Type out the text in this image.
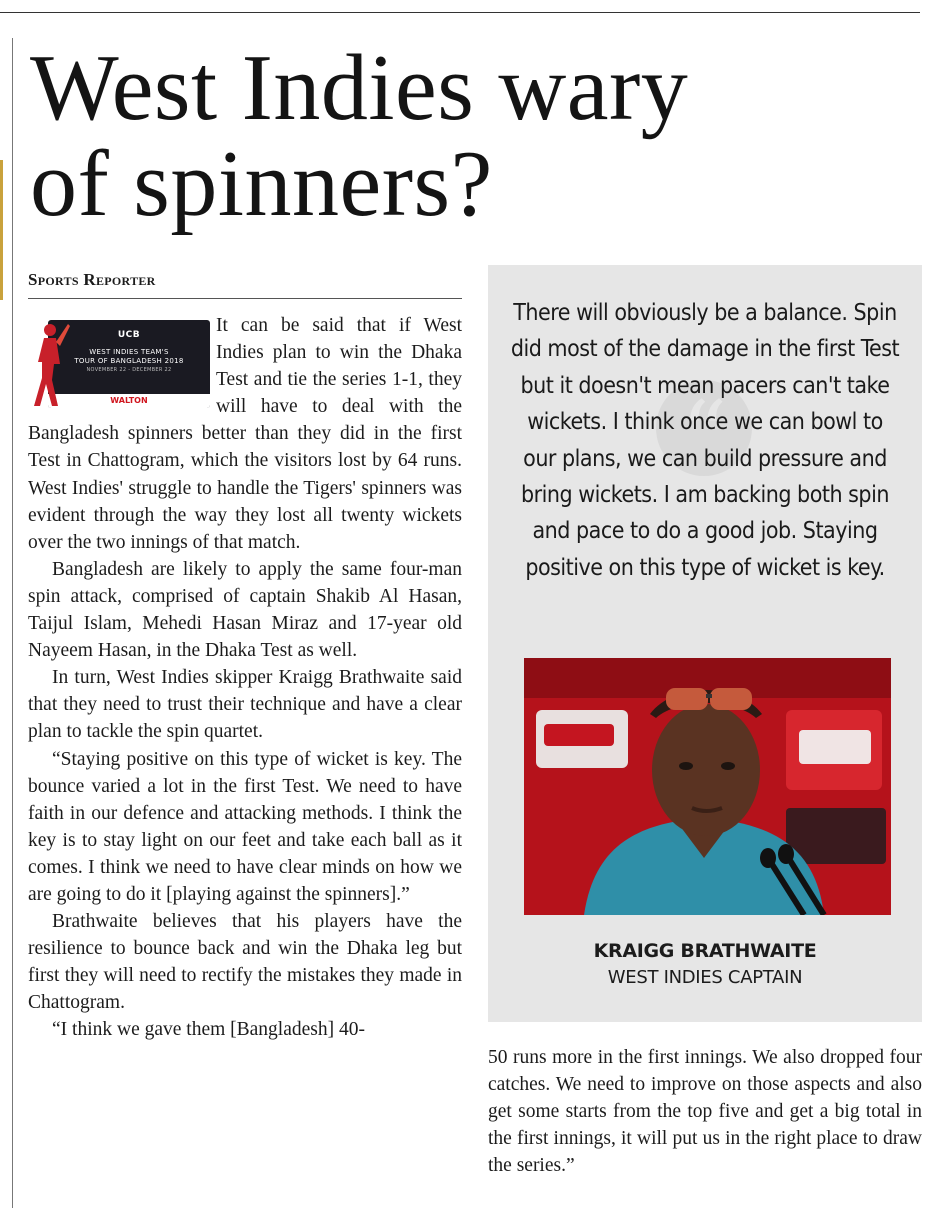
West Indies wary
of spinners?
Sports Reporter
UCB
WEST INDIES TEAM'S
TOUR OF BANGLADESH 2018
NOVEMBER 22 - DECEMBER 22
WALTON

It can be said that if West Indies plan to win the Dhaka Test and tie the series 1-1, they will have to deal with the Bangladesh spinners better than they did in the first Test in Chattogram, which the visitors lost by 64 runs. West Indies' struggle to handle the Tigers' spinners was evident through the way they lost all twenty wickets over the two innings of that match.

Bangladesh are likely to apply the same four-man spin attack, comprised of captain Shakib Al Hasan, Taijul Islam, Mehedi Hasan Miraz and 17-year old Nayeem Hasan, in the Dhaka Test as well.

In turn, West Indies skipper Kraigg Brathwaite said that they need to trust their technique and have a clear plan to tackle the spin quartet.

“Staying positive on this type of wicket is key. The bounce varied a lot in the first Test. We need to have faith in our defence and attacking methods. I think the key is to stay light on our feet and take each ball as it comes. I think we need to have clear minds on how we are going to do it [playing against the spinners].”

Brathwaite believes that his players have the resilience to bounce back and win the Dhaka leg but first they will need to rectify the mistakes they made in Chattogram.

“I think we gave them [Bangladesh] 40-

“
There will obviously be a balance. Spin did most of the damage in the first Test but it doesn't mean pacers can't take wickets. I think once we can bowl to our plans, we can build pressure and bring wickets. I am backing both spin and pace to do a good job. Staying positive on this type of wicket is key.
KRAIGG BRATHWAITE
WEST INDIES CAPTAIN
50 runs more in the first innings. We also dropped four catches. We need to improve on those aspects and also get some starts from the top five and get a big total in the first innings, it will put us in the right place to draw the series.”
